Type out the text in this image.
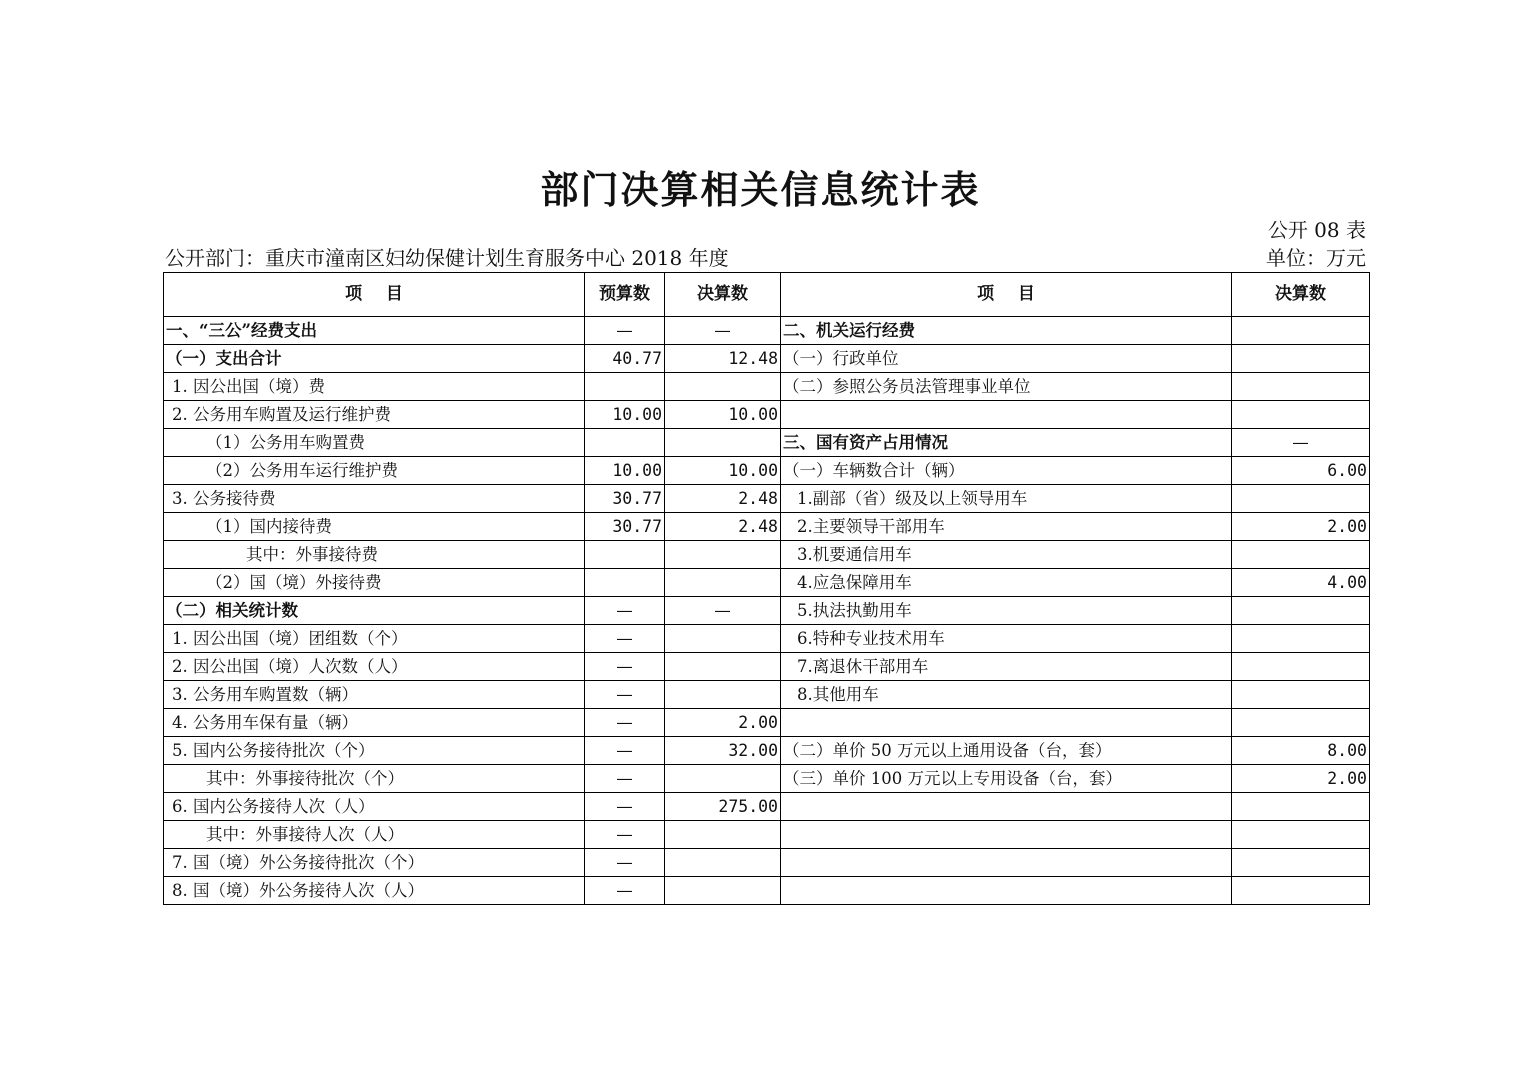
部门决算相关信息统计表
公开 08 表
公开部门：重庆市潼南区妇幼保健计划生育服务中心 2018 年度	单位：万元
项    目	预算数	决算数	项    目	决算数
一、“三公”经费支出	—	—	二、机关运行经费	
（一）支出合计	40.77	12.48	（一）行政单位	
1. 因公出国（境）费			（二）参照公务员法管理事业单位	
2. 公务用车购置及运行维护费	10.00	10.00		
（1）公务用车购置费			三、国有资产占用情况	—
（2）公务用车运行维护费	10.00	10.00	（一）车辆数合计（辆）	6.00
3. 公务接待费	30.77	2.48	1.副部（省）级及以上领导用车	
（1）国内接待费	30.77	2.48	2.主要领导干部用车	2.00
其中：外事接待费			3.机要通信用车	
（2）国（境）外接待费			4.应急保障用车	4.00
（二）相关统计数	—	—	5.执法执勤用车	
1. 因公出国（境）团组数（个）	—		6.特种专业技术用车	
2. 因公出国（境）人次数（人）	—		7.离退休干部用车	
3. 公务用车购置数（辆）	—		8.其他用车	
4. 公务用车保有量（辆）	—	2.00		
5. 国内公务接待批次（个）	—	32.00	（二）单价 50 万元以上通用设备（台，套）	8.00
其中：外事接待批次（个）	—		（三）单价 100 万元以上专用设备（台，套）	2.00
6. 国内公务接待人次（人）	—	275.00		
其中：外事接待人次（人）	—			
7. 国（境）外公务接待批次（个）	—			
8. 国（境）外公务接待人次（人）	—			
